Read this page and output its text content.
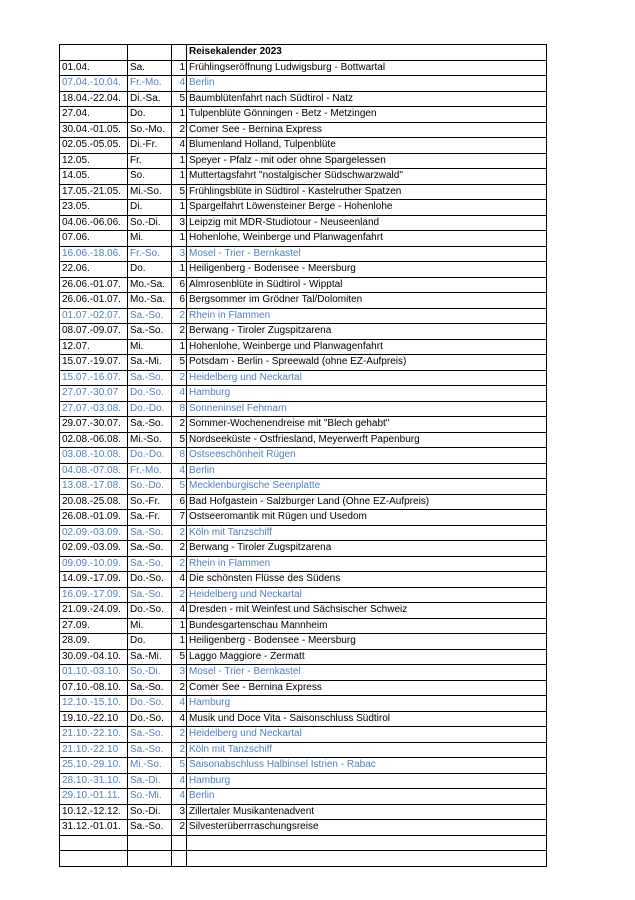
			Reisekalender 2023
01.04.	Sa.	1	Frühlingseröffnung Ludwigsburg - Bottwartal
07.04.-10.04.	Fr.-Mo.	4	Berlin
18.04.-22.04.	Di.-Sa.	5	Baumblütenfahrt nach Südtirol - Natz
27.04.	Do.	1	Tulpenblüte Gönningen - Betz - Metzingen
30.04.-01.05.	So.-Mo.	2	Comer See - Bernina Express
02.05.-05.05.	Di.-Fr.	4	Blumenland Holland, Tulpenblüte
12.05.	Fr.	1	Speyer - Pfalz - mit oder ohne Spargelessen
14.05.	So.	1	Muttertagsfahrt "nostalgischer Südschwarzwald"
17.05.-21.05.	Mi.-So.	5	Frühlingsblüte in Südtirol - Kastelruther Spatzen
23.05.	Di.	1	Spargelfahrt Löwensteiner Berge - Hohenlohe
04.06.-06.06.	So.-Di.	3	Leipzig mit MDR-Studiotour - Neuseenland
07.06.	Mi.	1	Hohenlohe, Weinberge und Planwagenfahrt
16.06.-18.06.	Fr.-So.	3	Mosel - Trier - Bernkastel
22.06.	Do.	1	Heiligenberg - Bodensee - Meersburg
26.06.-01.07.	Mo.-Sa.	6	Almrosenblüte in Südtirol - Wipptal
26.06.-01.07.	Mo.-Sa.	6	Bergsommer im Grödner Tal/Dolomiten
01.07.-02.07.	Sa.-So.	2	Rhein in Flammen
08.07.-09.07.	Sa.-So.	2	Berwang - Tiroler Zugspitzarena
12.07.	Mi.	1	Hohenlohe, Weinberge und Planwagenfahrt
15.07.-19.07.	Sa.-Mi.	5	Potsdam - Berlin - Spreewald (ohne EZ-Aufpreis)
15.07.-16.07.	Sa.-So.	2	Heidelberg und Neckartal
27.07.-30.07	Do.-So.	4	Hamburg
27.07.-03.08.	Do.-Do.	8	Sonneninsel Fehmarn
29.07.-30.07.	Sa.-So.	2	Sommer-Wochenendreise mit "Blech gehabt"
02.08.-06.08.	Mi.-So.	5	Nordseeküste - Ostfriesland, Meyerwerft Papenburg
03.08.-10.08.	Do.-Do.	8	Ostseeschönheit Rügen
04.08.-07.08.	Fr.-Mo.	4	Berlin
13.08.-17.08.	So.-Do.	5	Mecklenburgische Seenplatte
20.08.-25.08.	So.-Fr.	6	Bad Hofgastein - Salzburger Land (Ohne EZ-Aufpreis)
26.08.-01.09.	Sa.-Fr.	7	Ostseeromantik mit Rügen und Usedom
02.09.-03.09.	Sa.-So.	2	Köln mit Tanzschiff
02.09.-03.09.	Sa.-So.	2	Berwang - Tiroler Zugspitzarena
09.09.-10.09.	Sa.-So.	2	Rhein in Flammen
14.09.-17.09.	Do.-So.	4	Die schönsten Flüsse des Südens
16.09.-17.09.	Sa.-So.	2	Heidelberg und Neckartal
21.09.-24.09.	Do.-So.	4	Dresden - mit Weinfest und Sächsischer Schweiz
27.09.	Mi.	1	Bundesgartenschau Mannheim
28.09.	Do.	1	Heiligenberg - Bodensee - Meersburg
30.09.-04.10.	Sa.-Mi.	5	Laggo Maggiore - Zermatt
01.10.-03.10.	So.-Di.	3	Mosel - Trier - Bernkastel
07.10.-08.10.	Sa.-So.	2	Comer See - Bernina Express
12.10.-15.10.	Do.-So.	4	Hamburg
19.10.-22.10	Do.-So.	4	Musik und Doce Vita - Saisonschluss Südtirol
21.10.-22.10.	Sa.-So.	2	Heidelberg und Neckartal
21.10.-22.10	Sa.-So.	2	Köln mit Tanzschiff
25.10.-29.10.	Mi.-So.	5	Saisonabschluss Halbinsel Istrien - Rabac
28.10.-31.10.	Sa.-Di.	4	Hamburg
29.10.-01.11.	So.-Mi.	4	Berlin
10.12.-12.12.	So.-Di.	3	Zillertaler Musikantenadvent
31.12.-01.01.	Sa.-So.	2	Silvesterüberrraschungsreise
